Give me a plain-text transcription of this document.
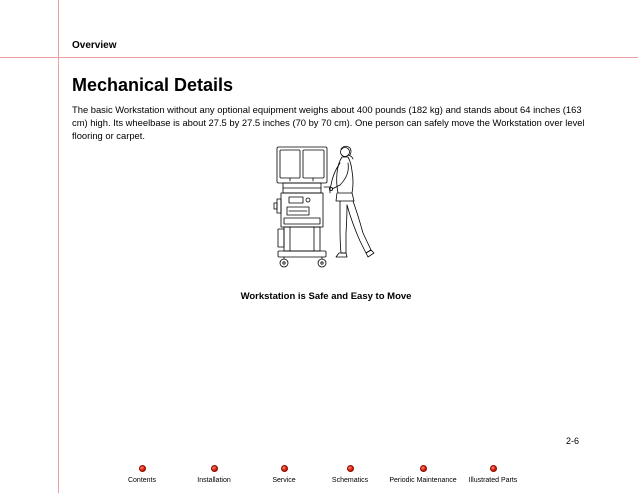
Overview
Mechanical Details

The basic Workstation without any optional equipment weighs about 400 pounds (182 kg) and stands about 64 inches (163 cm) high. Its wheelbase is about 27.5 by 27.5 inches (70 by 70 cm). One person can safely move the Workstation over level flooring or carpet.

Workstation is Safe and Easy to Move
2-6
Contents	Installation	Service	Schematics	Periodic Maintenance	Illustrated Parts
